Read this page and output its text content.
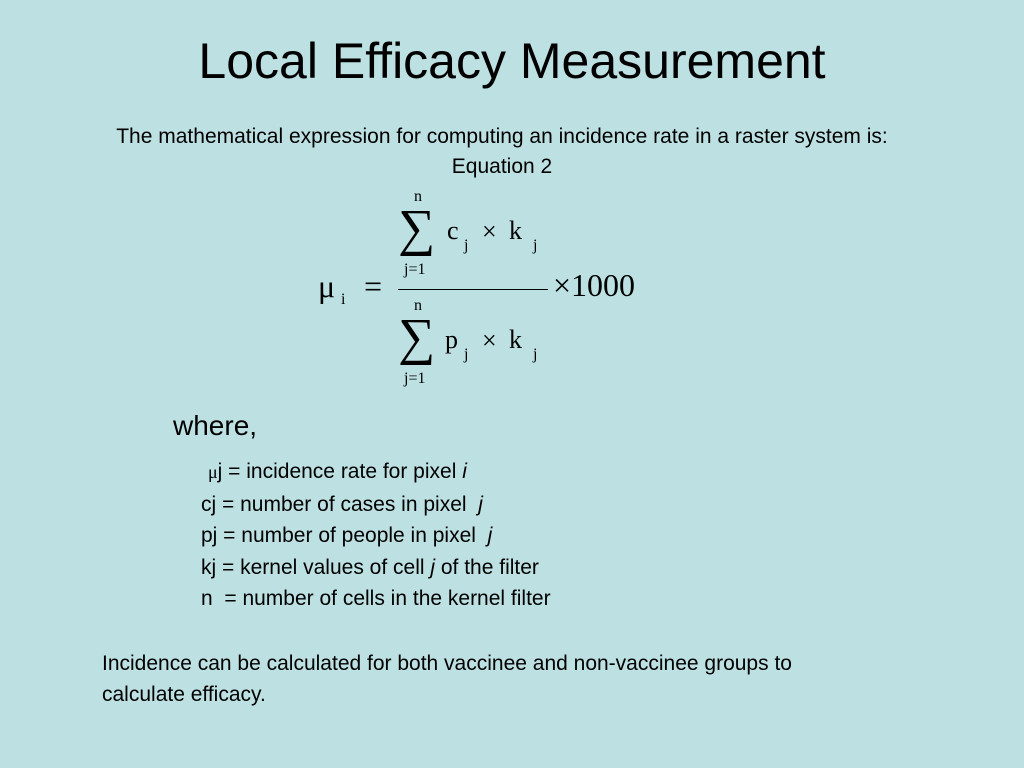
Local Efficacy Measurement
The mathematical expression for computing an incidence rate in a raster system is:
Equation 2
n
∑ c
j × k
j
j=1
μ i =	×1000
n
∑ p
j × k
j
j=1
where,
μj = incidence rate for pixel i
cj = number of cases in pixel  j
pj = number of people in pixel  j
kj = kernel values of cell j of the filter
n  = number of cells in the kernel filter
Incidence can be calculated for both vaccinee and non-vaccinee groups to calculate efficacy.
